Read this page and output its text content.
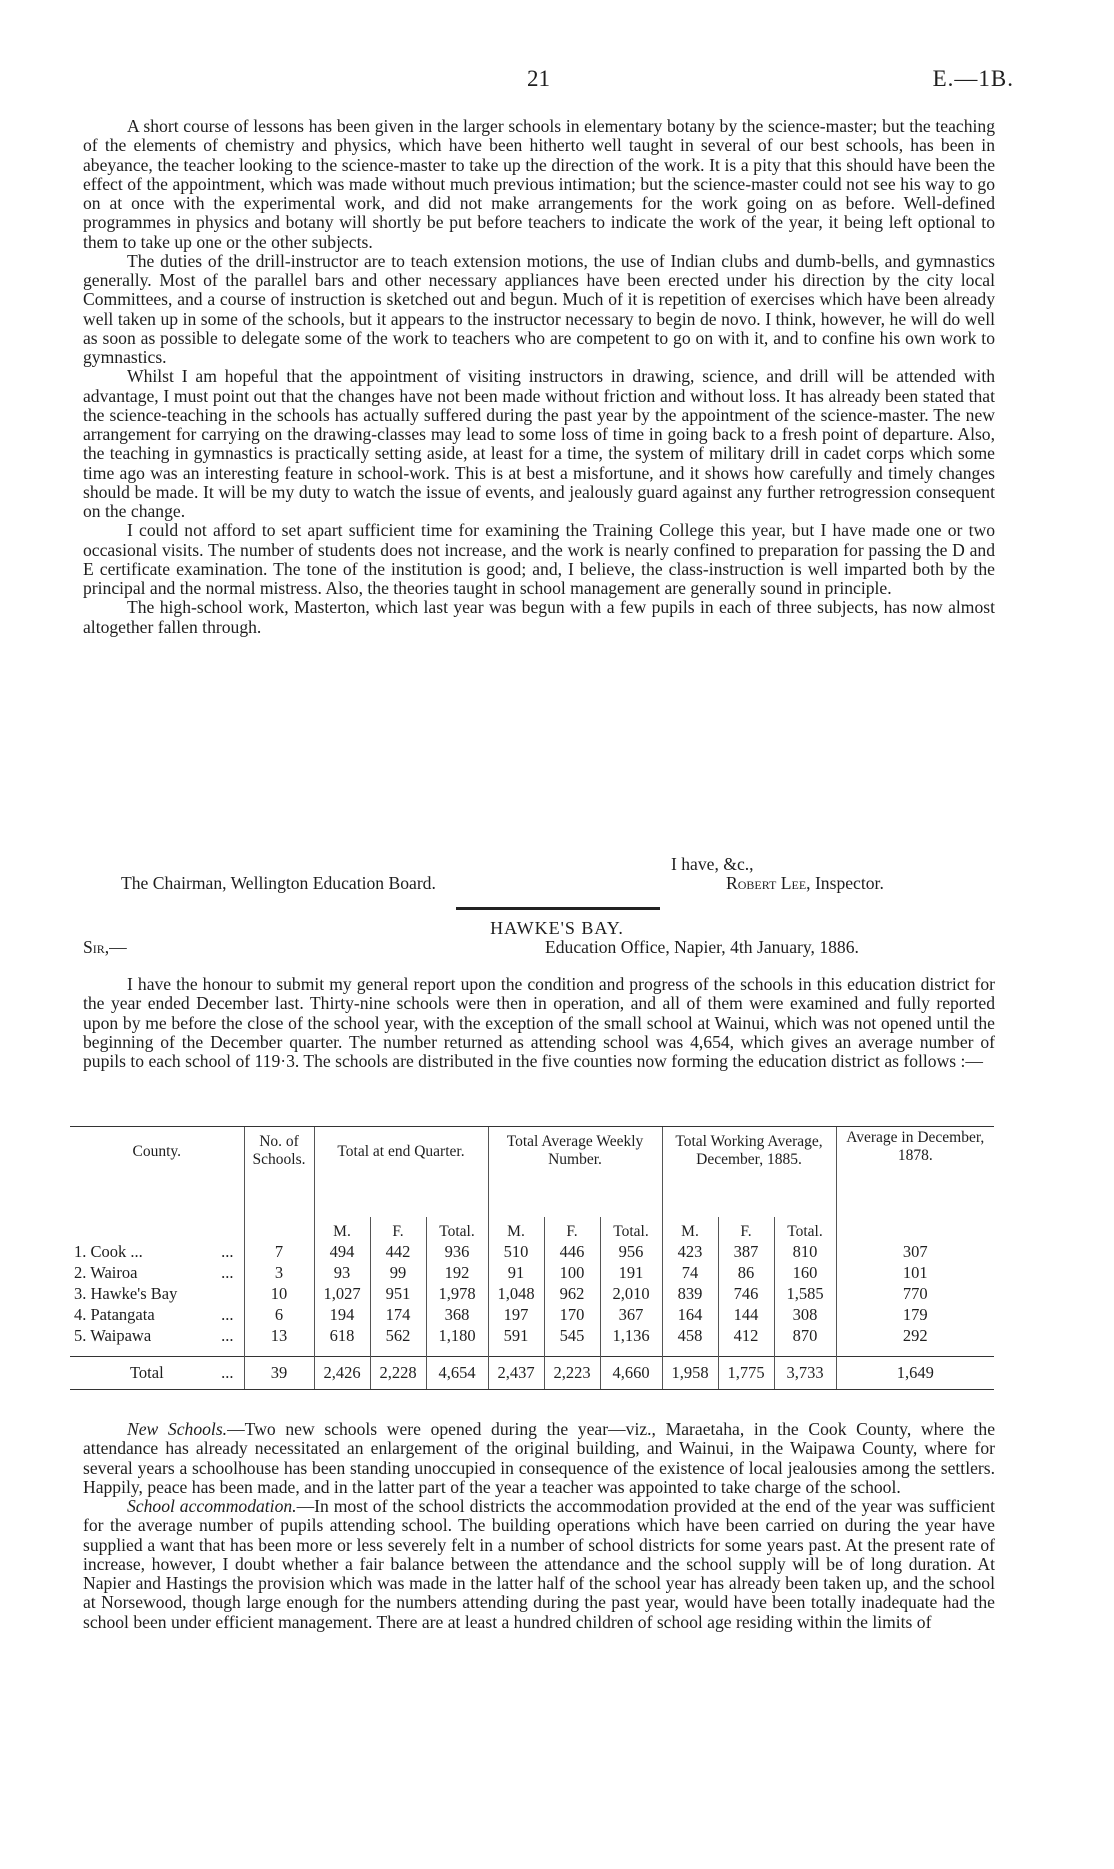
21	E.—1B.

A short course of lessons has been given in the larger schools in elementary botany by the science-master; but the teaching of the elements of chemistry and physics, which have been hitherto well taught in several of our best schools, has been in abeyance, the teacher looking to the science-master to take up the direction of the work. It is a pity that this should have been the effect of the appointment, which was made without much previous intimation; but the science-master could not see his way to go on at once with the experimental work, and did not make arrangements for the work going on as before. Well-defined programmes in physics and botany will shortly be put before teachers to indicate the work of the year, it being left optional to them to take up one or the other subjects.

The duties of the drill-instructor are to teach extension motions, the use of Indian clubs and dumb-bells, and gymnastics generally. Most of the parallel bars and other necessary appliances have been erected under his direction by the city local Committees, and a course of instruction is sketched out and begun. Much of it is repetition of exercises which have been already well taken up in some of the schools, but it appears to the instructor necessary to begin de novo. I think, however, he will do well as soon as possible to delegate some of the work to teachers who are competent to go on with it, and to confine his own work to gymnastics.

Whilst I am hopeful that the appointment of visiting instructors in drawing, science, and drill will be attended with advantage, I must point out that the changes have not been made without friction and without loss. It has already been stated that the science-teaching in the schools has actually suffered during the past year by the appointment of the science-master. The new arrangement for carrying on the drawing-classes may lead to some loss of time in going back to a fresh point of departure. Also, the teaching in gymnastics is practically setting aside, at least for a time, the system of military drill in cadet corps which some time ago was an interesting feature in school-work. This is at best a misfortune, and it shows how carefully and timely changes should be made. It will be my duty to watch the issue of events, and jealously guard against any further retrogression consequent on the change.

I could not afford to set apart sufficient time for examining the Training College this year, but I have made one or two occasional visits. The number of students does not increase, and the work is nearly confined to preparation for passing the D and E certificate examination. The tone of the institution is good; and, I believe, the class-instruction is well imparted both by the principal and the normal mistress. Also, the theories taught in school management are generally sound in principle.

The high-school work, Masterton, which last year was begun with a few pupils in each of three subjects, has now almost altogether fallen through.

I have, &c.,
The Chairman, Wellington Education Board.	Robert Lee, Inspector.
HAWKE'S BAY.
Sir,—	Education Office, Napier, 4th January, 1886.

I have the honour to submit my general report upon the condition and progress of the schools in this education district for the year ended December last. Thirty-nine schools were then in operation, and all of them were examined and fully reported upon by me before the close of the school year, with the exception of the small school at Wainui, which was not opened until the beginning of the December quarter. The number returned as attending school was 4,654, which gives an average number of pupils to each school of 119·3. The schools are distributed in the five counties now forming the education district as follows :—

County.	No. of Schools.	Total at end Quarter.			Total Average Weekly Number.			Total Working Average, December, 1885.			Average in December, 1878.
		M.	F.	Total.	M.	F.	Total.	M.	F.	Total.	
1. Cook ... ...	7	494	442	936	510	446	956	423	387	810	307
2. Wairoa ...	3	93	99	192	91	100	191	74	86	160	101
3. Hawke's Bay	10	1,027	951	1,978	1,048	962	2,010	839	746	1,585	770
4. Patangata ...	6	194	174	368	197	170	367	164	144	308	179
5. Waipawa ...	13	618	562	1,180	591	545	1,136	458	412	870	292

Total ...	39	2,426	2,228	4,654	2,437	2,223	4,660	1,958	1,775	3,733	1,649

New Schools.—Two new schools were opened during the year—viz., Maraetaha, in the Cook County, where the attendance has already necessitated an enlargement of the original building, and Wainui, in the Waipawa County, where for several years a schoolhouse has been standing unoccupied in consequence of the existence of local jealousies among the settlers. Happily, peace has been made, and in the latter part of the year a teacher was appointed to take charge of the school.

School accommodation.—In most of the school districts the accommodation provided at the end of the year was sufficient for the average number of pupils attending school. The building operations which have been carried on during the year have supplied a want that has been more or less severely felt in a number of school districts for some years past. At the present rate of increase, however, I doubt whether a fair balance between the attendance and the school supply will be of long duration. At Napier and Hastings the provision which was made in the latter half of the school year has already been taken up, and the school at Norsewood, though large enough for the numbers attending during the past year, would have been totally inadequate had the school been under efficient management. There are at least a hundred children of school age residing within the limits of
